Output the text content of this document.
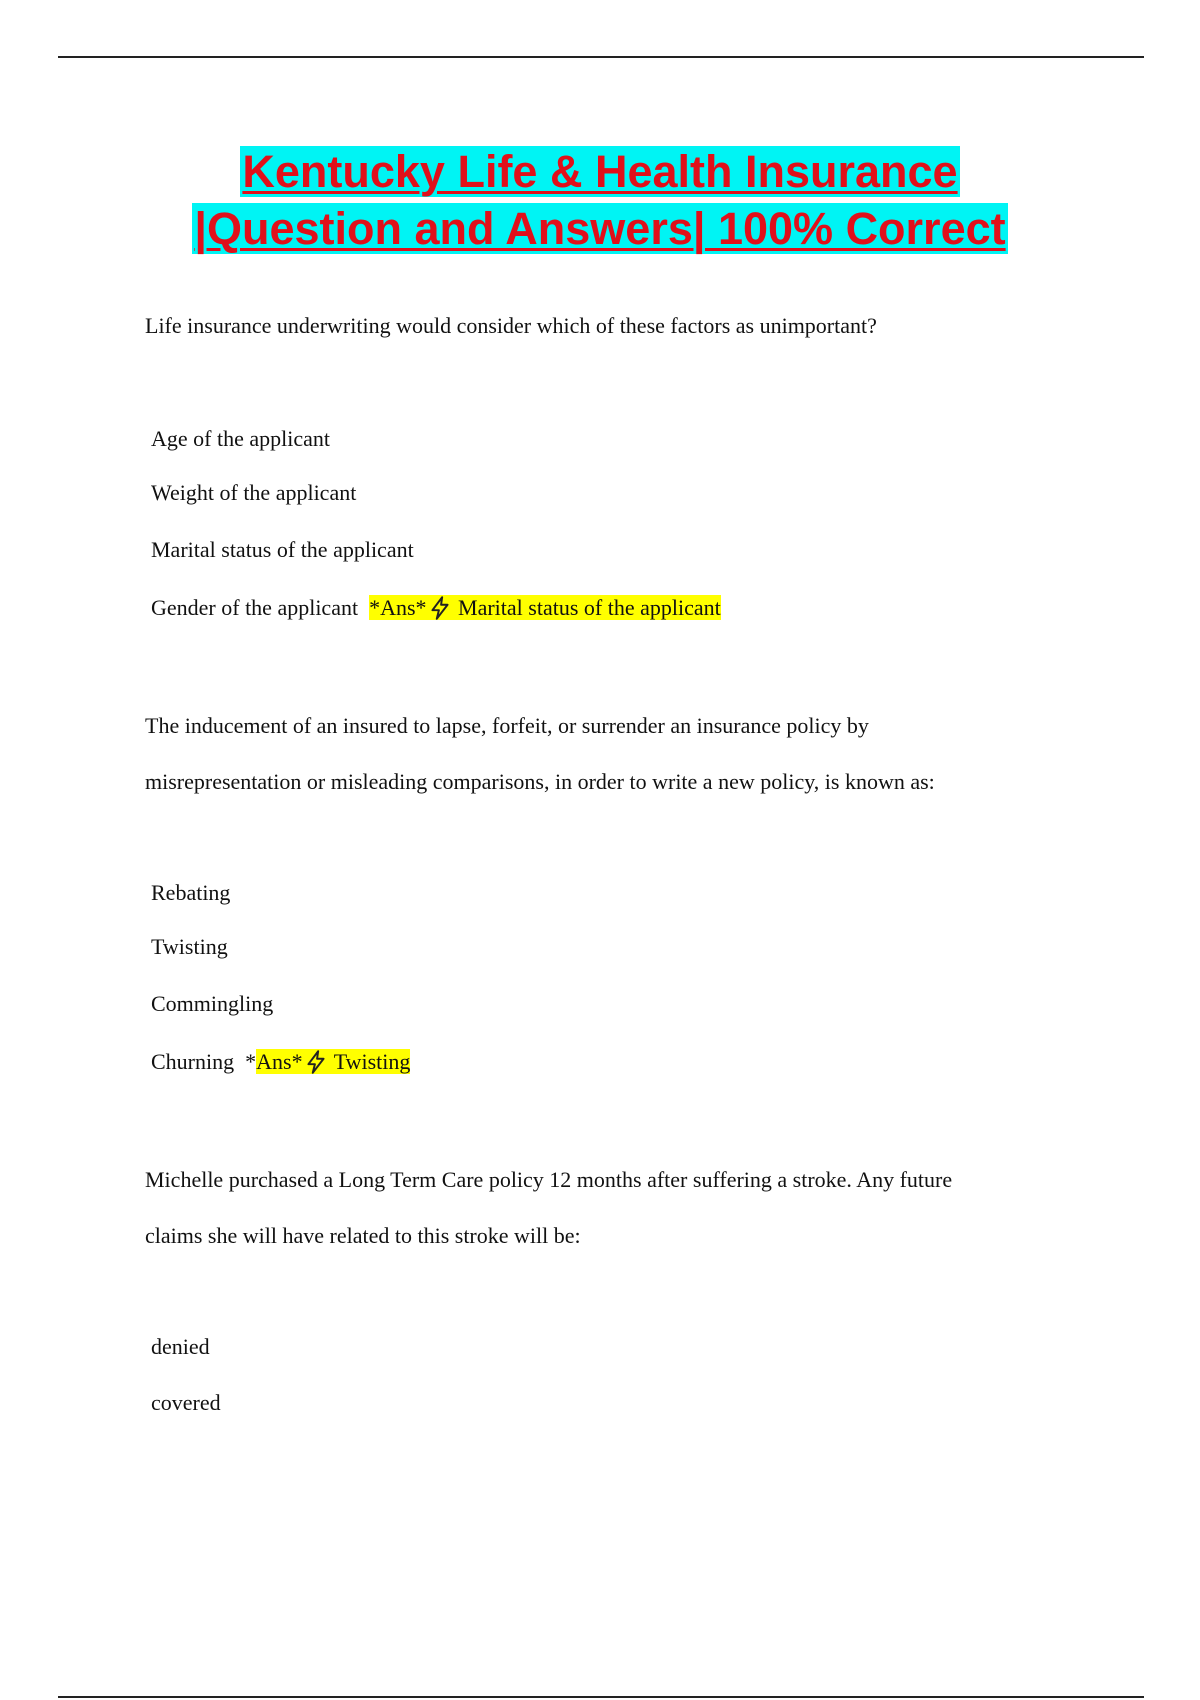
Kentucky Life & Health Insurance
|Question and Answers| 100% Correct
Life insurance underwriting would consider which of these factors as unimportant?
Age of the applicant
Weight of the applicant
Marital status of the applicant
Gender of the applicant *Ans* Marital status of the applicant
The inducement of an insured to lapse, forfeit, or surrender an insurance policy by
misrepresentation or misleading comparisons, in order to write a new policy, is known as:
Rebating
Twisting
Commingling
Churning *Ans* Twisting
Michelle purchased a Long Term Care policy 12 months after suffering a stroke. Any future
claims she will have related to this stroke will be:
denied
covered
